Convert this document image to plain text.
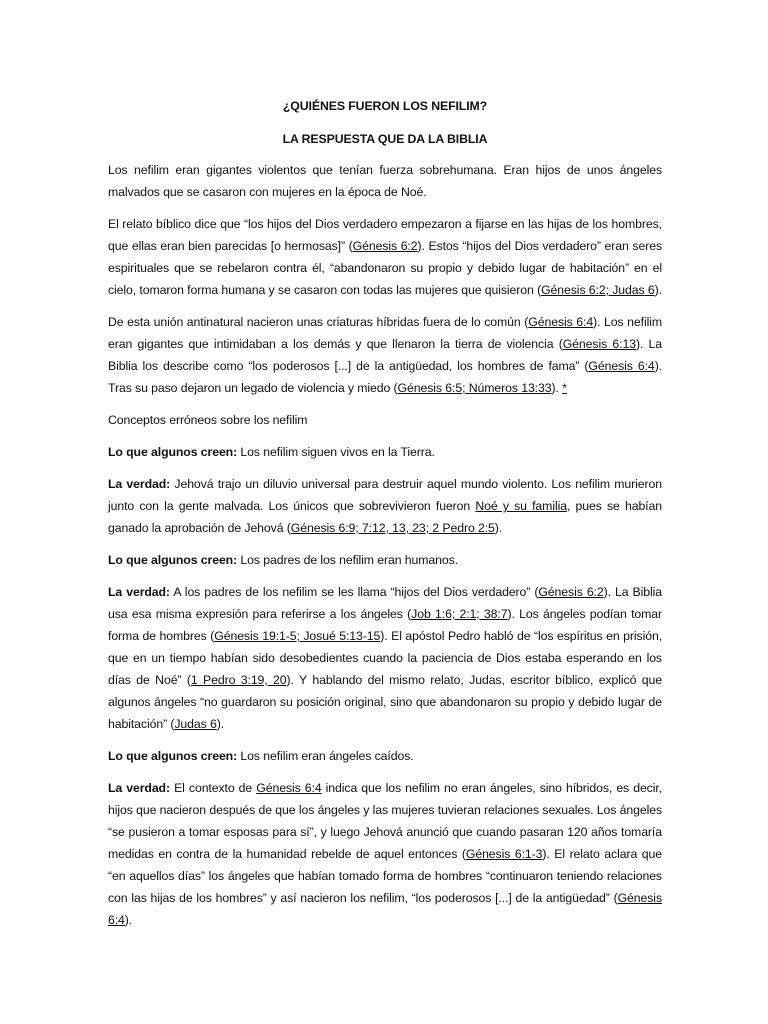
¿QUIÉNES FUERON LOS NEFILIM?
LA RESPUESTA QUE DA LA BIBLIA

Los nefilim eran gigantes violentos que tenían fuerza sobrehumana. Eran hijos de unos ángeles malvados que se casaron con mujeres en la época de Noé.

El relato bíblico dice que “los hijos del Dios verdadero empezaron a fijarse en las hijas de los hombres, que ellas eran bien parecidas [o hermosas]” (Génesis 6:2). Estos “hijos del Dios verdadero” eran seres espirituales que se rebelaron contra él, “abandonaron su propio y debido lugar de habitación” en el cielo, tomaron forma humana y se casaron con todas las mujeres que quisieron (Génesis 6:2; Judas 6).

De esta unión antinatural nacieron unas criaturas híbridas fuera de lo común (Génesis 6:4). Los nefilim eran gigantes que intimidaban a los demás y que llenaron la tierra de violencia (Génesis 6:13). La Biblia los describe como “los poderosos [...] de la antigüedad, los hombres de fama” (Génesis 6:4). Tras su paso dejaron un legado de violencia y miedo (Génesis 6:5; Números 13:33). *

Conceptos erróneos sobre los nefilim

Lo que algunos creen: Los nefilim siguen vivos en la Tierra.

La verdad: Jehová trajo un diluvio universal para destruir aquel mundo violento. Los nefilim murieron junto con la gente malvada. Los únicos que sobrevivieron fueron Noé y su familia, pues se habían ganado la aprobación de Jehová (Génesis 6:9; 7:12, 13, 23; 2 Pedro 2:5).

Lo que algunos creen: Los padres de los nefilim eran humanos.

La verdad: A los padres de los nefilim se les llama “hijos del Dios verdadero” (Génesis 6:2). La Biblia usa esa misma expresión para referirse a los ángeles (Job 1:6; 2:1; 38:7). Los ángeles podían tomar forma de hombres (Génesis 19:1-5; Josué 5:13-15). El apóstol Pedro habló de “los espíritus en prisión, que en un tiempo habían sido desobedientes cuando la paciencia de Dios estaba esperando en los días de Noé” (1 Pedro 3:19, 20). Y hablando del mismo relato, Judas, escritor bíblico, explicó que algunos ángeles “no guardaron su posición original, sino que abandonaron su propio y debido lugar de habitación” (Judas 6).

Lo que algunos creen: Los nefilim eran ángeles caídos.

La verdad: El contexto de Génesis 6:4 indica que los nefilim no eran ángeles, sino híbridos, es decir, hijos que nacieron después de que los ángeles y las mujeres tuvieran relaciones sexuales. Los ángeles “se pusieron a tomar esposas para sí”, y luego Jehová anunció que cuando pasaran 120 años tomaría medidas en contra de la humanidad rebelde de aquel entonces (Génesis 6:1-3). El relato aclara que “en aquellos días” los ángeles que habían tomado forma de hombres “continuaron teniendo relaciones con las hijas de los hombres” y así nacieron los nefilim, “los poderosos [...] de la antigüedad” (Génesis 6:4).
